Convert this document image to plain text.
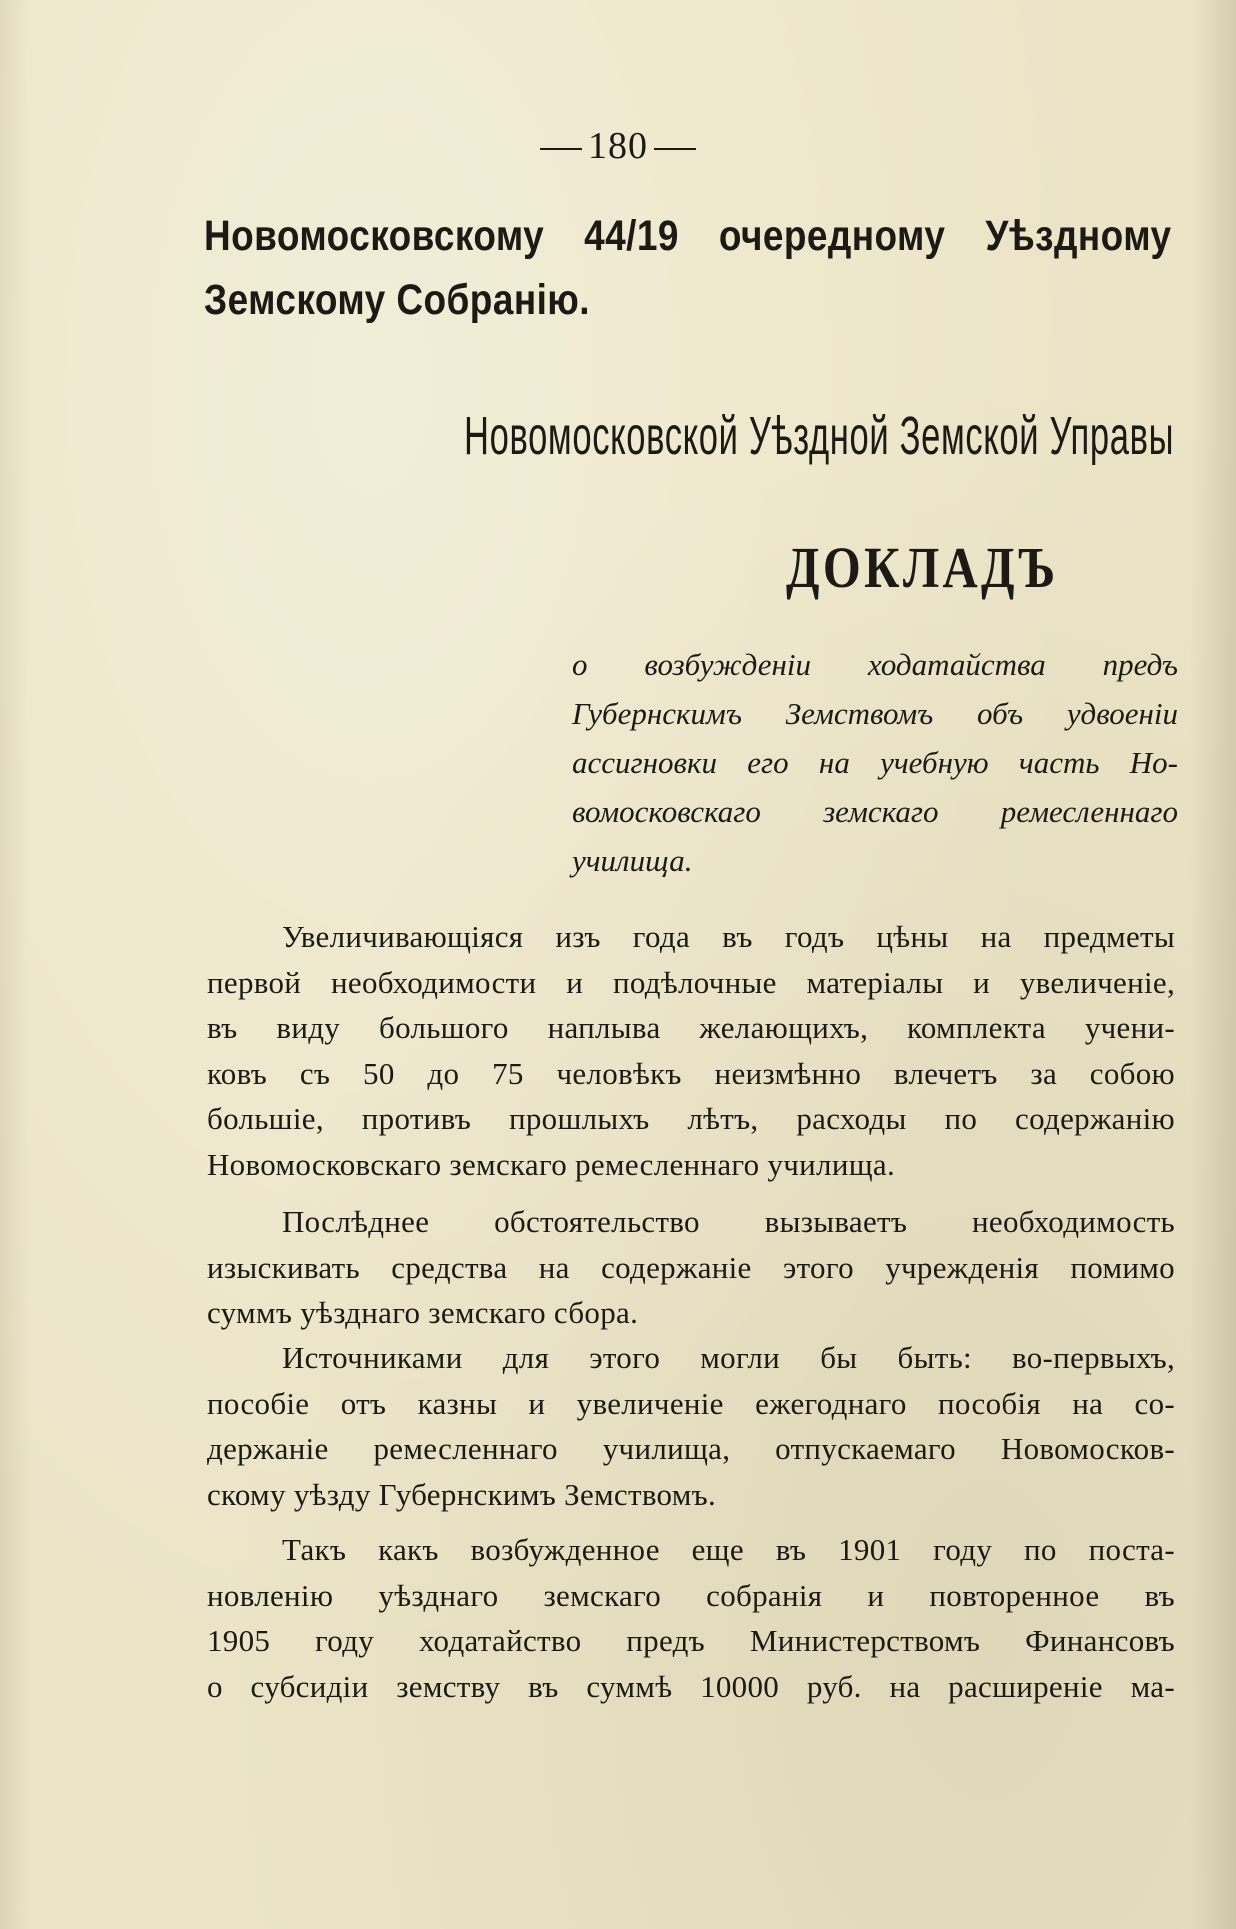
180
Новомосковскому 44/19 очередному Уѣздному
Земскому Собранію.
Новомосковской Уѣздной Земской Управы
ДОКЛАДЪ
о возбужденіи ходатайства предъ
Губернскимъ Земствомъ объ удвоеніи
ассигновки его на учебную часть Но-
вомосковскаго земскаго ремесленнаго
училища.
Увеличивающіяся изъ года въ годъ цѣны на предметы
первой необходимости и подѣлочные матеріалы и увеличеніе,
въ виду большого наплыва желающихъ, комплекта учени-
ковъ съ 50 до 75 человѣкъ неизмѣнно влечетъ за собою
большіе, противъ прошлыхъ лѣтъ, расходы по содержанію
Новомосковскаго земскаго ремесленнаго училища.
Послѣднее обстоятельство вызываетъ необходимость
изыскивать средства на содержаніе этого учрежденія помимо
суммъ уѣзднаго земскаго сбора.
Источниками для этого могли бы быть: во-первыхъ,
пособіе отъ казны и увеличеніе ежегоднаго пособія на со-
держаніе ремесленнаго училища, отпускаемаго Новомосков-
скому уѣзду Губернскимъ Земствомъ.
Такъ какъ возбужденное еще въ 1901 году по поста-
новленію уѣзднаго земскаго собранія и повторенное въ
1905 году ходатайство предъ Министерствомъ Финансовъ
о субсидіи земству въ суммѣ 10000 руб. на расширеніе ма-
